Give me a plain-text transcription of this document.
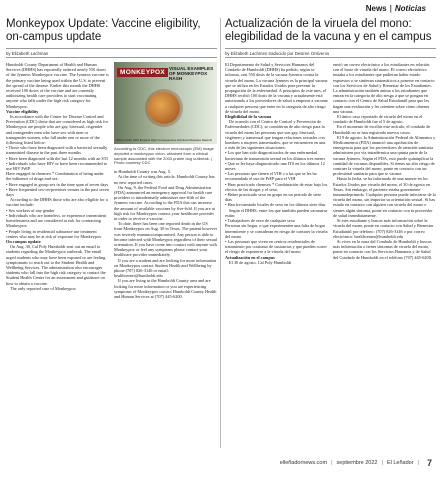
News | Noticias
Monkeypox Update: Vaccine eligibility, on-campus update
by Elizabeth Lachman

Humboldt County Department of Health and Human Services (DHHS) has reportedly ordered nearly 550 doses of the Jynneos Monkeypox vaccine. The Jynneos vaccine is the primary vaccine being used within the U.S. to prevent the spread of the disease. Earlier this month the DHHS received 100 doses of the vaccine and are currently authorizing health care providers to start vaccinating anyone who falls under the high risk category for Monkeypox.

Vaccine eligibility

In accordance with the Center for Disease Control and Prevention (CDC) those that are considered as high risk for Monkeypox are people who are gay, bisexual, cisgender and transgender men who have sex with men or transgender women, who fall under one or more of the following listed below:

• Those who have been diagnosed with a bacterial sexually transmitted disease in the past three months

• Have been diagnosed with the last 12 months with an STI

• Individuals who have HIV or have been recommended to use HIV PrEP

Have engaged in chemsex * Combination of being under the influence of drugs and sex.

• Have engaged in group sex in the time span of seven days

• Have frequented sex-on-premises venues in the past seven days

According to the DHHS those who are also eligible for a vaccine include:

• Sex workers of any gender

• Individuals who are homeless, or experience intermittent homelessness and are considered at risk for contracting Monkeypox

• People living in residential substance use treatment centers who may be at risk of exposure for Monkeypox

On campus update

On Aug. 30, Cal Poly Humboldt sent out an email to students regarding the Monkeypox outbreak. The email urged students who may have been exposed or are feeling symptomatic to reach out to the Student Health and Wellbeing Services. The administration also encourages students who fall into the high risk category to contact the Student Health Center for an assessment and guidance on how to obtain a vaccine.

The only reported case of Monkeypox

MONKEYPOX
VISUAL EXAMPLES OF MONKEYPOX RASH
Photo Credit: NHS England High Consequences Infectious Diseases Network
According to CDC, this electron microscopic (EM) image depicted a monkeypox virion, obtained from a clinical sample associated with the 2003 prairie dog outbreak. | Photo courtesy CDC

in Humboldt County was Aug. 5.

At the time of writing this article, Humboldt County has no new reported cases.

On Aug. 9, the Federal Food and Drug Administration (FDA) announced an emergency approval for health care providers to intradermally administer one-fifth of the Jynneos vaccine. According to the FDA this can increase the amount of available vaccines by five-fold. If you are at high risk for Monkeypox contact your healthcare provider in order to receive a vaccine.

To date, there has been one reported death in the US from Monkeypox on Aug. 30 in Texas. The patient however was severely immunocompromised. Any person is able to become infected with Monkeypox regardless of their sexual orientation. If you have come into contact with anyone with Monkeypox or feel any symptoms please contact your healthcare provider immediately.

If you are a student and are looking for more information on Monkeypox contact Student Health and Wellbeing by phone (707) 826-3146 or email: healthcenter@humboldt.edu

If you are living in the Humboldt County area and are looking for more information or you are experiencing symptoms of Monkeypox contact Humboldt County Health and Human Services at (707) 445-6200.

Actualización de la viruela del mono: elegibilidad de la vacuna y en el campus
by Elizabeth Lachmen traducido por Desiree Ontiveros

El Departamento de Salud y Servicios Humanos del Condado de Humboldt (DHHS) ha pedido, según se informa, casi 550 dosis de la vacuna Jynneos contra la viruela del mono. La vacuna Jynneos es la principal vacuna que se utiliza en los Estados Unidos para prevenir la propagación de la enfermedad. A principios de este mes, el DHHS recibió 100 dosis de la vacuna y actualmente está autorizando a los proveedores de salud a empezar a vacunar a cualquier persona que entre en la categoría de alto riesgo de viruela del mono.

Elegibilidad de la vacuna

De acuerdo con el Centro de Control y Prevención de Enfermedades (CDC), se consideran de alto riesgo para la viruela del mono las personas que son gay, bisexual, cisgénero y transexual que tengan relaciones sexuales con hombres o mujeres transexuales, que se encuentren en una o más de las siguientes situaciones:

• Los que han sido diagnosticados de una enfermedad bacteriana de transmisión sexual en los últimos tres meses

• Que se les haya diagnosticado una ITS en los últimos 12 meses

• Las personas que tienen el VIH o a las que se les ha recomendado el uso de PrEP para el VIH

• Haer practicado chemsex * Combinación de estar bajo los efectos de las drogas y el sexo.

• Haber practicado sexo en grupo en un periodo de siete días

• Han frecuentado locales de sexo en los últimos siete días

Según el DHHS, entre los que también pueden vacunarse están:

• Trabajadores de sexo de cualquier sexo

Personas sin hogar, o que experimenten una falta de hogar intermitente y se consideran en riesgo de contraer la viruela del mono

• Las personas que viven en centros residenciales de tratamiento por consumo de sustancias y que pueden correr el riesgo de exponerse a la viruela del mono

Actualización en el campus

El 30 de agosto, Cal Poly Humboldt

envió un correo electrónico a los estudiantes en relación con el brote de viruela del mono. El correo electrónico instaba a los estudiantes que pudieran haber estado expuestos o se sintieran sintomáticos a ponerse en contacto con los Servicios de Salud y Bienestar de los Estudiantes. La administración también anima a los estudiantes que entran en la categoría de alto riesgo a que se pongan en contacto con el Centro de Salud Estudiantil para que les hagan una evaluación y les orienten sobre cómo obtener una vacuna.

El único caso reportado de viruela del mono en el condado de Humboldt fue el 5 de agosto.

En el momento de escribir este artículo, el condado de Humboldt no se han registrado nuevos casos.

El 9 de agosto, la Administración Federal de Alimentos y Medicamentos (FDA) anunció una aprobación de emergencia para que los proveedores de atención sanitaria administren por vía intradérmica una quinta parte de la vacuna Jynneos. Según el FDA, esto puede quintuplicar la cantidad de vacunas disponibles. Si tienes un alto riesgo de contraer la viruela del mono, ponte en contacto con un profesional sanitario para que te vacune.

Hasta la fecha, se ha informado de una muerte en los Estados Unidos por viruela del mono, el 30 de agosto en Texas. Sin embargo, el paciente estaba gravemente inmunodeprimido. Cualquier persona puede infectarse de la viruela del mono, sin importar su orientación sexual. Si has estado en contacto con alguien con viruela del mono o sientes algún síntoma, ponte en contacto con tu proveedor de salud inmediatamente.

Si eres estudiante y buscas más información sobre la viruela del mono, ponte en contacto con Salud y Bienestar Estudiantil por teléfono: (707) 826-3146 o por correo electrónico: healthcenter@humboldt.edu

Si vives en la zona del Condado de Humboldt y buscas más información o tienes síntomas de viruela del mono, ponte en contacto con los Servicios Humanos y de Salud del Condado de Humboldt en el teléfono (707) 445-6200.

elleñadornews.com | septiembre 2022 | El Leñador | 7
